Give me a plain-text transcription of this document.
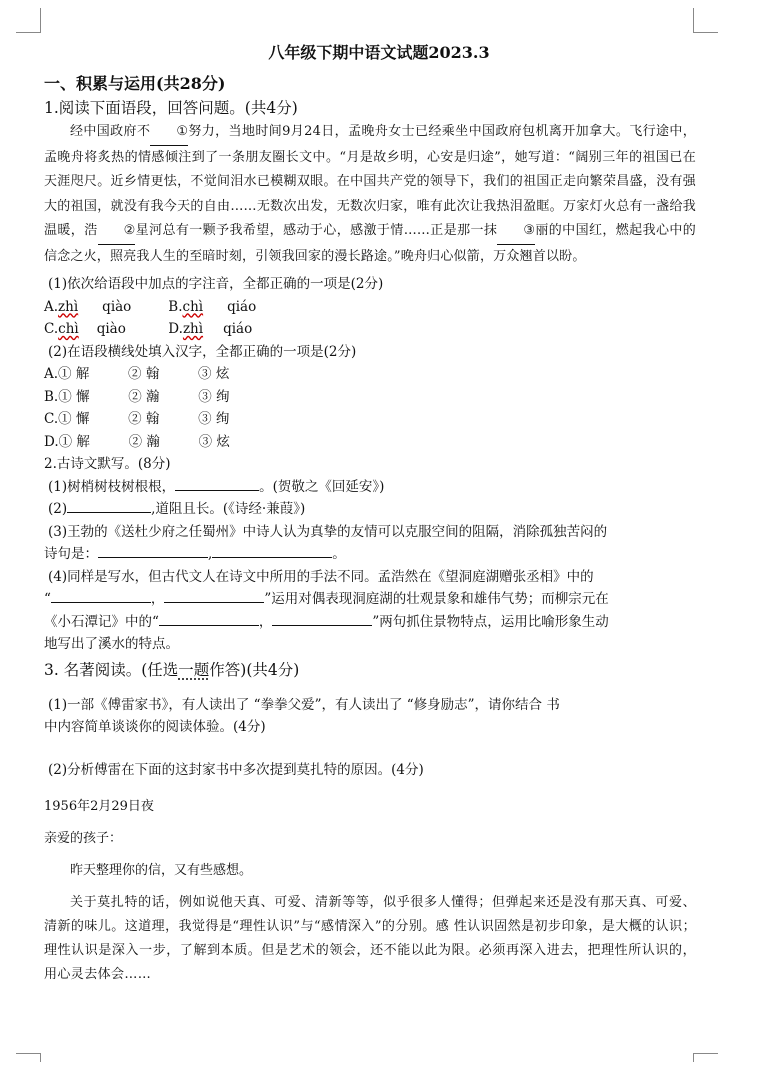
八年级下期中语文试题2023.3
一、积累与运用(共28分)
1.阅读下面语段，回答问题。(共4分)

经中国政府不 ①努力，当地时间9月24日，孟晚舟女士已经乘坐中国政府包机离开加拿大。飞行途中，孟晚舟将炙热的情感倾注到了一条朋友圈长文中。“月是故乡明，心安是归途”，她写道：“阔别三年的祖国已在天涯咫尺。近乡情更怯，不觉间泪水已模糊双眼。在中国共产党的领导下，我们的祖国正走向繁荣昌盛，没有强大的祖国，就没有我今天的自由……无数次出发，无数次归家，唯有此次让我热泪盈眶。万家灯火总有一盏给我温暖，浩 ②星河总有一颗予我希望，感动于心，感激于情……正是那一抹 ③丽的中国红，燃起我心中的信念之火，照亮我人生的至暗时刻，引领我回家的漫长路途。”晚舟归心似箭，万众翘首以盼。

(1)依次给语段中加点的字注音，全都正确的一项是(2分)

A.zhì qiào	B.chì qiáo

C.chì qiào	D.zhì qiáo

(2)在语段横线处填入汉字，全都正确的一项是(2分)

A.① 解	② 翰	③ 炫

B.① 懈	② 瀚	③ 绚

C.① 懈	② 翰	③ 绚

D.① 解	② 瀚	③ 炫

2.古诗文默写。(8分)

(1)树梢树枝树根根，	。(贺敬之《回延安》)

(2)	,道阻且长。(《诗经·兼葭》)

(3)王勃的《送杜少府之任蜀州》中诗人认为真挚的友情可以克服空间的阻隔，消除孤独苦闷的

诗句是：	,	。

(4)同样是写水，但古代文人在诗文中所用的手法不同。孟浩然在《望洞庭湖赠张丞相》中的

“	，	”运用对偶表现洞庭湖的壮观景象和雄伟气势；而柳宗元在

《小石潭记》中的“	，	”两句抓住景物特点，运用比喻形象生动

地写出了溪水的特点。

3. 名著阅读。(任选一题作答)(共4分)

(1)一部《傅雷家书》，有人读出了 “拳拳父爱”，有人读出了 “修身励志”，请你结合 书

中内容简单谈谈你的阅读体验。(4分)

(2)分析傅雷在下面的这封家书中多次提到莫扎特的原因。(4分)

1956年2月29日夜

亲爱的孩子：

昨天整理你的信，又有些感想。

关于莫扎特的话，例如说他天真、可爱、清新等等，似乎很多人懂得；但弹起来还是没有那天真、可爱、清新的味儿。这道理，我觉得是“理性认识”与“感情深入”的分别。感 性认识固然是初步印象，是大概的认识；理性认识是深入一步，了解到本质。但是艺术的领会，还不能以此为限。必须再深入进去，把理性所认识的，用心灵去体会……
